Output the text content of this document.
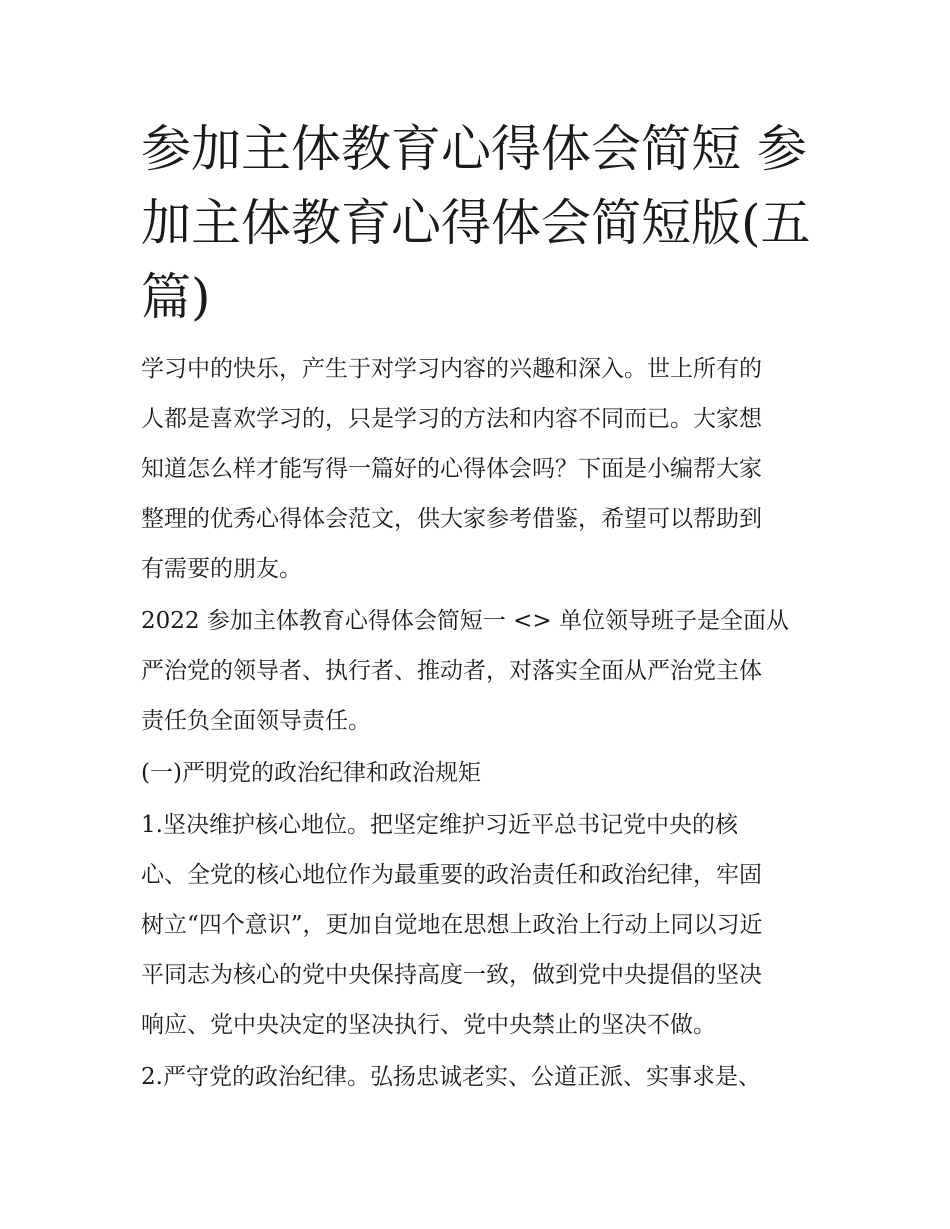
参加主体教育心得体会简短 参
加主体教育心得体会简短版(五
篇)

学习中的快乐，产生于对学习内容的兴趣和深入。世上所有的
人都是喜欢学习的，只是学习的方法和内容不同而已。大家想
知道怎么样才能写得一篇好的心得体会吗？下面是小编帮大家
整理的优秀心得体会范文，供大家参考借鉴，希望可以帮助到
有需要的朋友。

2022 参加主体教育心得体会简短一 <> 单位领导班子是全面从
严治党的领导者、执行者、推动者，对落实全面从严治党主体
责任负全面领导责任。

(一)严明党的政治纪律和政治规矩

1.坚决维护核心地位。把坚定维护习近平总书记党中央的核
心、全党的核心地位作为最重要的政治责任和政治纪律，牢固
树立“四个意识”，更加自觉地在思想上政治上行动上同以习近
平同志为核心的党中央保持高度一致，做到党中央提倡的坚决
响应、党中央决定的坚决执行、党中央禁止的坚决不做。

2.严守党的政治纪律。弘扬忠诚老实、公道正派、实事求是、
